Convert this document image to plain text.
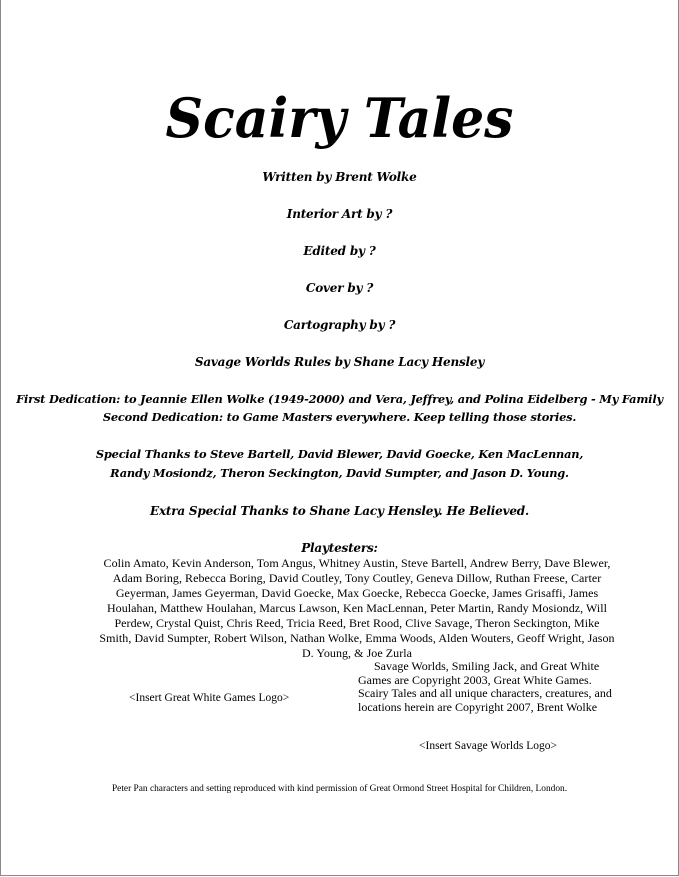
Scairy Tales
Written by Brent Wolke
Interior Art by ?
Edited by ?
Cover by ?
Cartography by ?
Savage Worlds Rules by Shane Lacy Hensley
First Dedication: to Jeannie Ellen Wolke (1949-2000) and Vera, Jeffrey, and Polina Eidelberg - My Family
Second Dedication: to Game Masters everywhere. Keep telling those stories.
Special Thanks to Steve Bartell, David Blewer, David Goecke, Ken MacLennan,
Randy Mosiondz, Theron Seckington, David Sumpter, and Jason D. Young.
Extra Special Thanks to Shane Lacy Hensley. He Believed.
Playtesters:
Colin Amato, Kevin Anderson, Tom Angus, Whitney Austin, Steve Bartell, Andrew Berry, Dave Blewer, Adam Boring, Rebecca Boring, David Coutley, Tony Coutley, Geneva Dillow, Ruthan Freese, Carter Geyerman, James Geyerman, David Goecke, Max Goecke, Rebecca Goecke, James Grisaffi, James Houlahan, Matthew Houlahan, Marcus Lawson, Ken MacLennan, Peter Martin, Randy Mosiondz, Will Perdew, Crystal Quist, Chris Reed, Tricia Reed, Bret Rood, Clive Savage, Theron Seckington, Mike Smith, David Sumpter, Robert Wilson, Nathan Wolke, Emma Woods, Alden Wouters, Geoff Wright, Jason D. Young, & Joe Zurla
<Insert Great White Games Logo>
Savage Worlds, Smiling Jack, and Great White Games are Copyright 2003, Great White Games. Scairy Tales and all unique characters, creatures, and locations herein are Copyright 2007, Brent Wolke
<Insert Savage Worlds Logo>
Peter Pan characters and setting reproduced with kind permission of Great Ormond Street Hospital for Children, London.
